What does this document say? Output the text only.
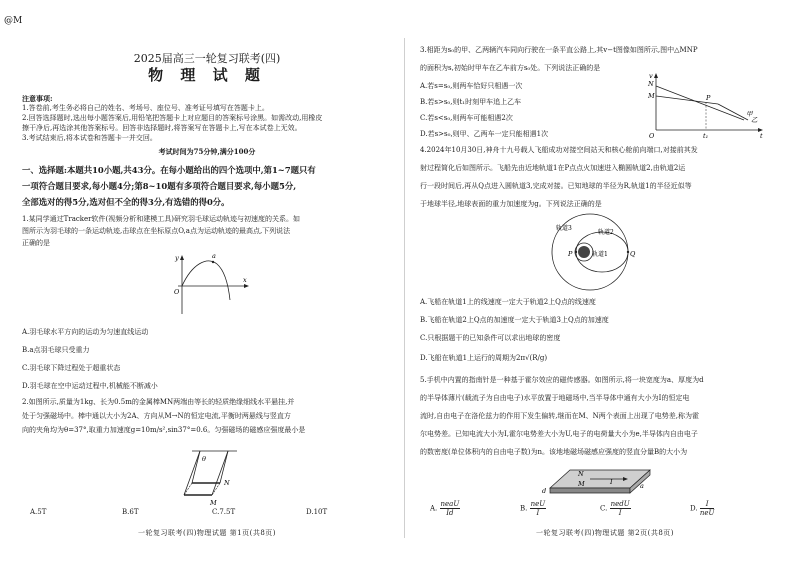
@M
2025届高三一轮复习联考(四)
物 理 试 题
注意事项:
1.答卷前,考生务必将自己的姓名、考场号、座位号、准考证号填写在答题卡上。
2.回答选择题时,选出每小题答案后,用铅笔把答题卡上对应题目的答案标号涂黑。如需改动,用橡皮
擦干净后,再选涂其他答案标号。回答非选择题时,将答案写在答题卡上,写在本试卷上无效。
3.考试结束后,将本试卷和答题卡一并交回。
考试时间为75分钟,满分100分
一、选择题:本题共10小题,共43分。在每小题给出的四个选项中,第1~7题只有
一项符合题目要求,每小题4分;第8~10题有多项符合题目要求,每小题5分,
全部选对的得5分,选对但不全的得3分,有选错的得0分。
1.某同学通过Tracker软件(视频分析和建模工具)研究羽毛球运动轨迹与初速度的关系。如
图所示为羽毛球的一条运动轨迹,击球点在坐标原点O,a点为运动轨迹的最高点,下列说法
正确的是
y
x
O
a
A.羽毛球水平方向的运动为匀速直线运动
B.a点羽毛球只受重力
C.羽毛球下降过程处于超重状态
D.羽毛球在空中运动过程中,机械能不断减小
2.如图所示,质量为1kg、长为0.5m的金属棒MN两端由等长的轻质绝缘细线水平悬挂,并
处于匀强磁场中。棒中通以大小为2A、方向从M→N的恒定电流,平衡时两悬线与竖直方
向的夹角均为θ=37°,取重力加速度g=10m/s²,sin37°=0.6。匀强磁场的磁感应强度最小是
θ
N
M
A.5T	B.6T	C.7.5T	D.10T
一轮复习联考(四)物理试题 第1页(共8页)
3.相距为s₀的甲、乙两辆汽车同向行驶在一条平直公路上,其v−t图像如图所示,图中△MNP
的面积为s,初始时甲车在乙车前方s₀处。下列说法正确的是
A.若s=s₀,则两车恰好只相遇一次
B.若s>s₀,则t₁时刻甲车追上乙车
C.若s<s₀,则两车可能相遇2次
D.若s>s₀,则甲、乙两车一定只能相遇1次
v
N
M	P
t
O	t₁
甲
乙
4.2024年10月30日,神舟十九号载人飞船成功对接空间站天和核心舱前向端口,对接前其发
射过程简化后如图所示。飞船先由近地轨道1在P点点火加速进入椭圆轨道2,由轨道2运
行一段时间后,再从Q点进入圆轨道3,完成对接。已知地球的半径为R,轨道1的半径近似等
于地球半径,地球表面的重力加速度为g。下列说法正确的是
轨道3
轨道2
轨道1
P	Q
A.飞船在轨道1上的线速度一定大于轨道2上Q点的线速度
B.飞船在轨道2上Q点的加速度一定大于轨道3上Q点的加速度
C.只根据题干的已知条件可以求出地球的密度
D.飞船在轨道1上运行的周期为2π√(R/g)
5.手机中内置的指南针是一种基于霍尔效应的磁传感器。如图所示,将一块宽度为a、厚度为d
的半导体薄片(载流子为自由电子)水平放置于地磁场中,当半导体中通有大小为I的恒定电
流时,自由电子在洛伦兹力的作用下发生偏转,继而在M、N两个表面上出现了电势差,称为霍
尔电势差。已知电流大小为I,霍尔电势差大小为U,电子的电荷量大小为e,半导体内自由电子
的数密度(单位体积内的自由电子数)为n。该地地磁场磁感应强度的竖直分量B的大小为
N
M	I	a
d
A.
neaU
Id
B.
neU
I
C.
nedU
I
D.
I
neU
一轮复习联考(四)物理试题 第2页(共8页)
